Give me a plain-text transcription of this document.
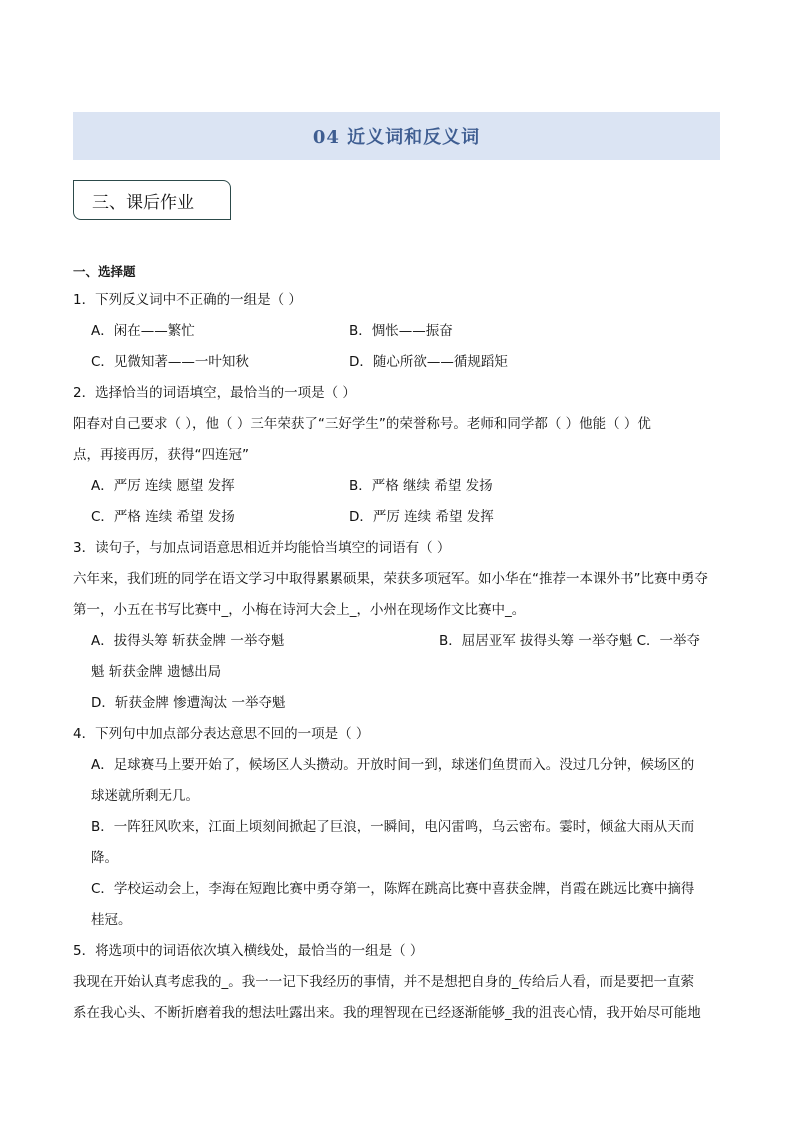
04 近义词和反义词
三、课后作业
一、选择题
1．下列反义词中不正确的一组是（ ）
A．闲在——繁忙	B．惆怅——振奋
C．见微知著——一叶知秋	D．随心所欲——循规蹈矩
2．选择恰当的词语填空，最恰当的一项是（ ）
阳春对自己要求（ ），他（ ）三年荣获了“三好学生”的荣誉称号。老师和同学都（ ）他能（ ）优
点，再接再厉，获得“四连冠”
A．严厉 连续 愿望 发挥	B．严格 继续 希望 发扬
C．严格 连续 希望 发扬	D．严厉 连续 希望 发挥
3．读句子，与加点词语意思相近并均能恰当填空的词语有（ ）
六年来，我们班的同学在语文学习中取得累累硕果，荣获多项冠军。如小华在“推荐一本课外书”比赛中勇夺
第一，小五在书写比赛中_，小梅在诗河大会上_，小州在现场作文比赛中_。
A．拔得头筹 斩获金牌 一举夺魁	B．屈居亚军 拔得头筹 一举夺魁 C．一举夺
魁 斩获金牌 遗憾出局
D．斩获金牌 惨遭淘汰 一举夺魁
4．下列句中加点部分表达意思不回的一项是（ ）
A．足球赛马上要开始了，候场区人头攒动。开放时间一到，球迷们鱼贯而入。没过几分钟，候场区的
球迷就所剩无几。
B．一阵狂风吹来，江面上顷刻间掀起了巨浪，一瞬间，电闪雷鸣，乌云密布。霎时，倾盆大雨从天而
降。
C．学校运动会上，李海在短跑比赛中勇夺第一，陈辉在跳高比赛中喜获金牌，肖霞在跳远比赛中摘得
桂冠。
5．将选项中的词语依次填入横线处，最恰当的一组是（ ）
我现在开始认真考虑我的_。我一一记下我经历的事情，并不是想把自身的_传给后人看，而是要把一直萦
系在我心头、不断折磨着我的想法吐露出来。我的理智现在已经逐渐能够_我的沮丧心情，我开始尽可能地
